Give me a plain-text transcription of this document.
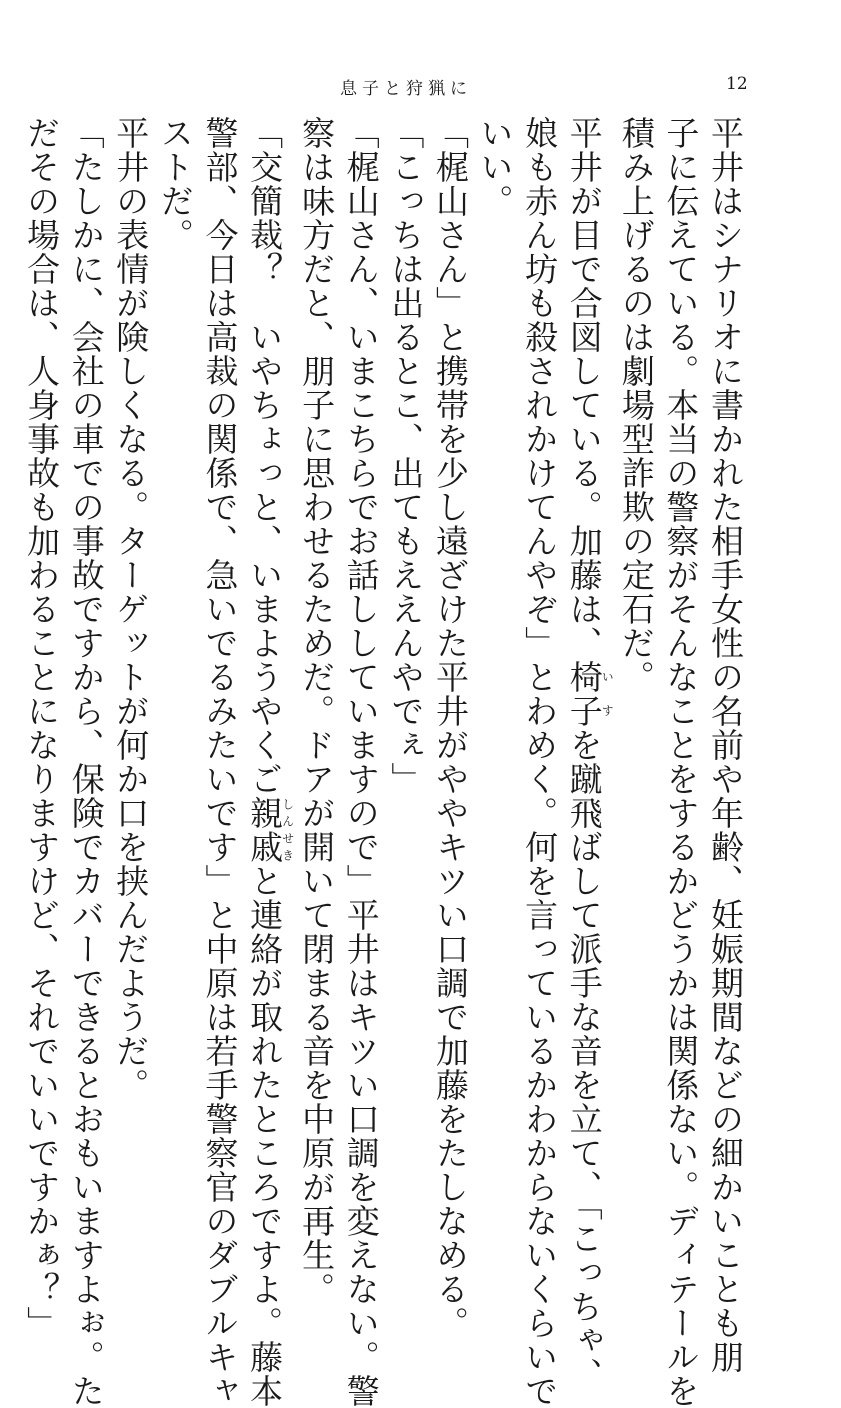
息子と狩猟に	12

平井はシナリオに書かれた相手女性の名前や年齢、妊娠期間などの細かいことも朋

子に伝えている。本当の警察がそんなことをするかどうかは関係ない。ディテールを

積み上げるのは劇場型詐欺の定石だ。

平井が目で合図している。加藤は、椅子いすを蹴飛ばして派手な音を立て、「こっちゃ、

娘も赤ん坊も殺されかけてんやぞ」とわめく。何を言っているかわからないくらいで

いい。

「梶山さん」と携帯を少し遠ざけた平井がややキツい口調で加藤をたしなめる。

「こっちは出るとこ、出てもええんやでぇ」

「梶山さん、いまこちらでお話ししていますので」平井はキツい口調を変えない。警

察は味方だと、朋子に思わせるためだ。ドアが開いて閉まる音を中原が再生。

「交簡裁？　いやちょっと、いまようやくご親戚しんせきと連絡が取れたところですよ。藤本

警部、今日は高裁の関係で、急いでるみたいです」と中原は若手警察官のダブルキャ

ストだ。

平井の表情が険しくなる。ターゲットが何か口を挟んだようだ。

「たしかに、会社の車での事故ですから、保険でカバーできるとおもいますよぉ。た

だその場合は、人身事故も加わることになりますけど、それでいいですかぁ？」
